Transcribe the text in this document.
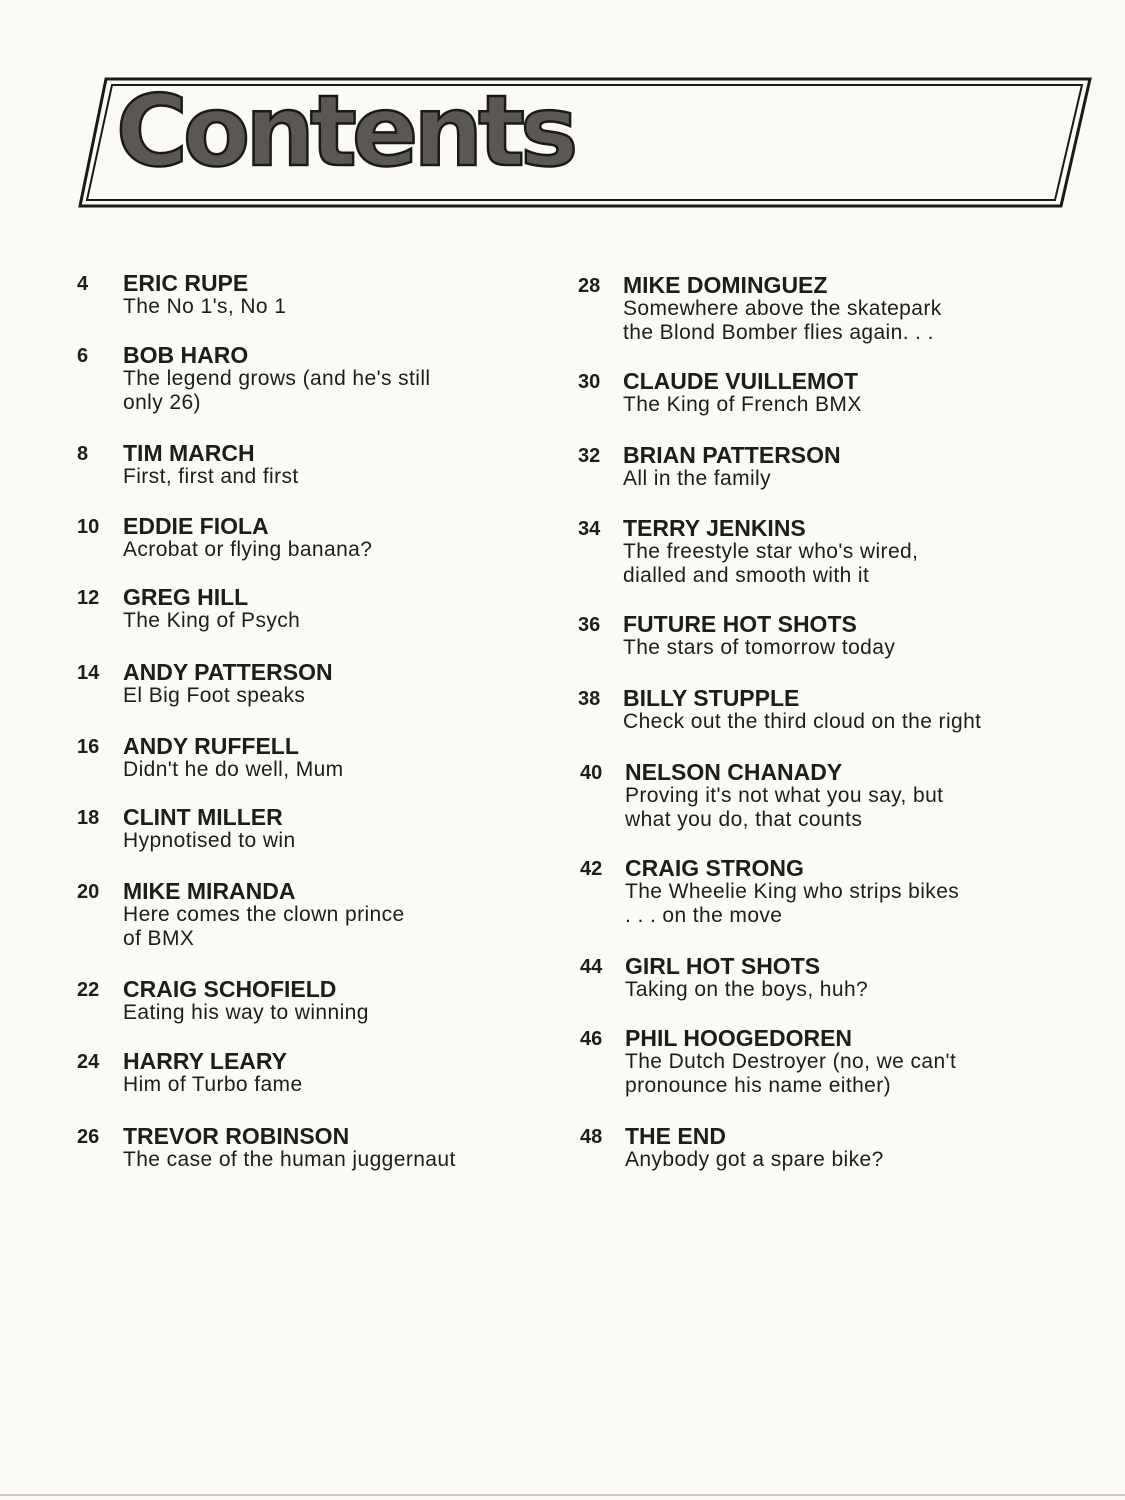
Contents
4 ERIC RUPE
The No 1's, No 1
6 BOB HARO
The legend grows (and he's still
only 26)
8 TIM MARCH
First, first and first
10 EDDIE FIOLA
Acrobat or flying banana?
12 GREG HILL
The King of Psych
14 ANDY PATTERSON
El Big Foot speaks
16 ANDY RUFFELL
Didn't he do well, Mum
18 CLINT MILLER
Hypnotised to win
20 MIKE MIRANDA
Here comes the clown prince
of BMX
22 CRAIG SCHOFIELD
Eating his way to winning
24 HARRY LEARY
Him of Turbo fame
26 TREVOR ROBINSON
The case of the human juggernaut
28 MIKE DOMINGUEZ
Somewhere above the skatepark
the Blond Bomber flies again. . .
30 CLAUDE VUILLEMOT
The King of French BMX
32 BRIAN PATTERSON
All in the family
34 TERRY JENKINS
The freestyle star who's wired,
dialled and smooth with it
36 FUTURE HOT SHOTS
The stars of tomorrow today
38 BILLY STUPPLE
Check out the third cloud on the right
40 NELSON CHANADY
Proving it's not what you say, but
what you do, that counts
42 CRAIG STRONG
The Wheelie King who strips bikes
. . . on the move
44 GIRL HOT SHOTS
Taking on the boys, huh?
46 PHIL HOOGEDOREN
The Dutch Destroyer (no, we can't
pronounce his name either)
48 THE END
Anybody got a spare bike?
